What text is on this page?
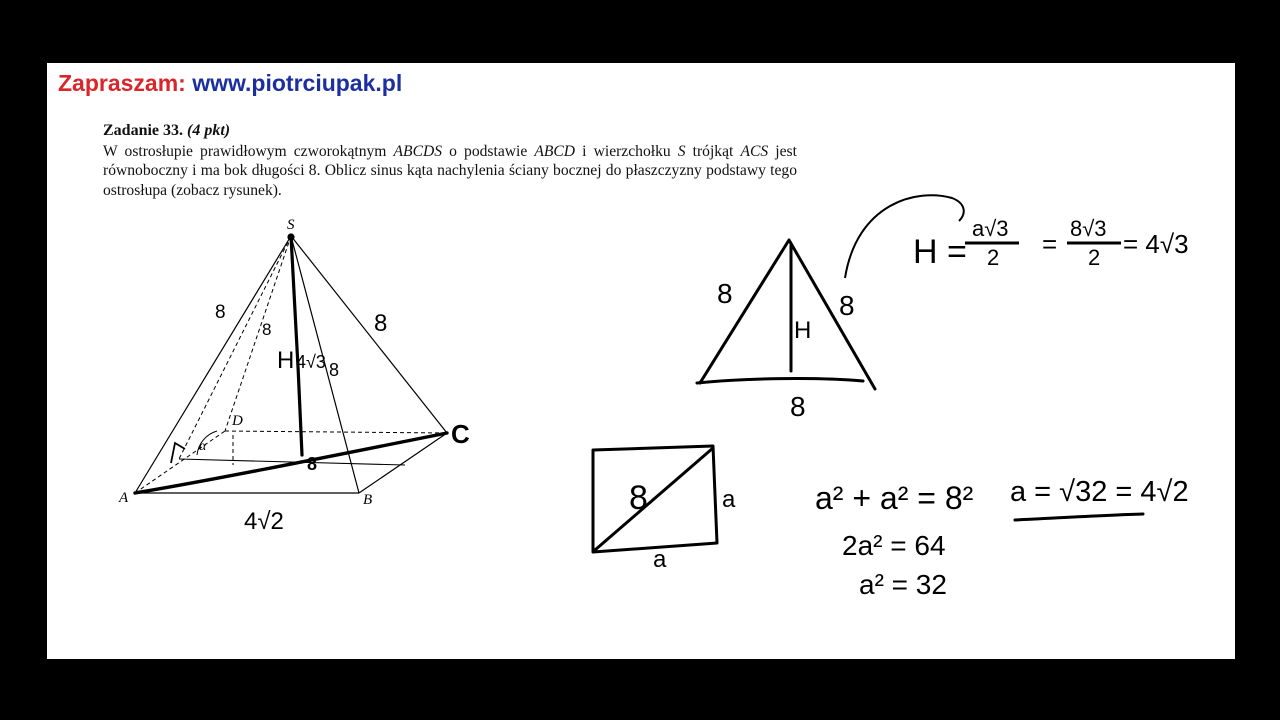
Zapraszam: www.piotrciupak.pl
Zadanie 33. (4 pkt)
W ostrosłupie prawidłowym czworokątnym ABCDS o podstawie ABCD i wierzchołku S trójkąt ACS jest równoboczny i ma bok długości 8. Oblicz sinus kąta nachylenia ściany bocznej do płaszczyzny podstawy tego ostrosłupa (zobacz rysunek).
S
A	B
D	C
α
8
8	8
8
H 4√3
8
4√2
8	8
8
H
H =
a√3
2 =
8√3
2 = 4√3
8	a
a
a² + a² = 8²
2a² = 64
a² = 32
a = √32 = 4√2
